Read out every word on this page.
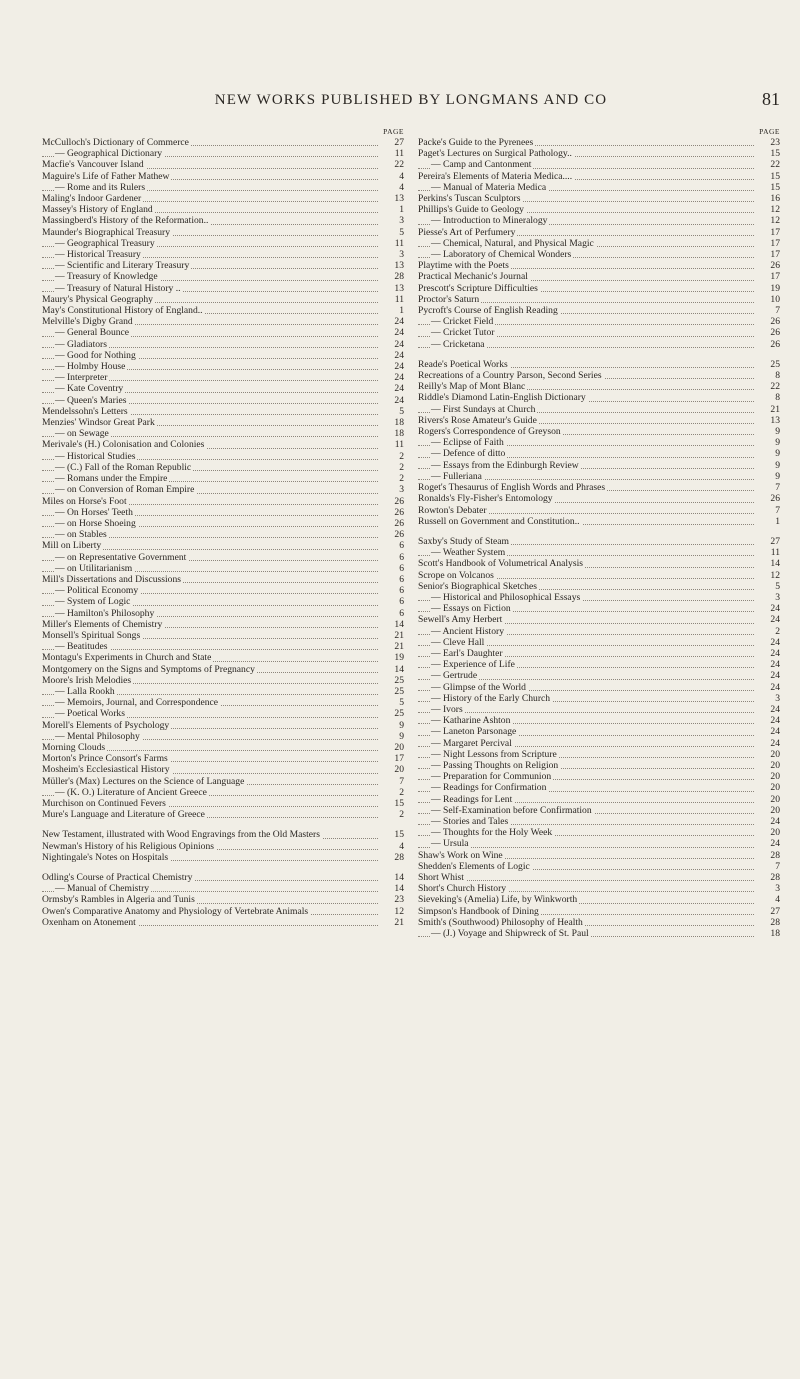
NEW WORKS PUBLISHED BY LONGMANS AND CO	81
PAGE
McCulloch's Dictionary of Commerce	27
— Geographical Dictionary	11
Macfie's Vancouver Island	22
Maguire's Life of Father Mathew	4
— Rome and its Rulers	4
Maling's Indoor Gardener	13
Massey's History of England	1
Massingberd's History of the Reformation..	3
Maunder's Biographical Treasury	5
— Geographical Treasury	11
— Historical Treasury	3
— Scientific and Literary Treasury	13
— Treasury of Knowledge	28
— Treasury of Natural History ..	13
Maury's Physical Geography	11
May's Constitutional History of England..	1
Melville's Digby Grand	24
— General Bounce	24
— Gladiators	24
— Good for Nothing	24
— Holmby House	24
— Interpreter	24
— Kate Coventry	24
— Queen's Maries	24
Mendelssohn's Letters	5
Menzies' Windsor Great Park	18
— on Sewage	18
Merivale's (H.) Colonisation and Colonies	11
— Historical Studies	2
— (C.) Fall of the Roman Republic	2
— Romans under the Empire	2
— on Conversion of Roman Empire	3
Miles on Horse's Foot	26
— On Horses' Teeth	26
— on Horse Shoeing	26
— on Stables	26
Mill on Liberty	6
— on Representative Government	6
— on Utilitarianism	6
Mill's Dissertations and Discussions	6
— Political Economy	6
— System of Logic	6
— Hamilton's Philosophy	6
Miller's Elements of Chemistry	14
Monsell's Spiritual Songs	21
— Beatitudes	21
Montagu's Experiments in Church and State	19
Montgomery on the Signs and Symptoms of Pregnancy	14
Moore's Irish Melodies	25
— Lalla Rookh	25
— Memoirs, Journal, and Correspondence	5
— Poetical Works	25
Morell's Elements of Psychology	9
— Mental Philosophy	9
Morning Clouds	20
Morton's Prince Consort's Farms	17
Mosheim's Ecclesiastical History	20
Müller's (Max) Lectures on the Science of Language	7
— (K. O.) Literature of Ancient Greece	2
Murchison on Continued Fevers	15
Mure's Language and Literature of Greece	2
New Testament, illustrated with Wood Engravings from the Old Masters	15
Newman's History of his Religious Opinions	4
Nightingale's Notes on Hospitals	28
Odling's Course of Practical Chemistry	14
— Manual of Chemistry	14
Ormsby's Rambles in Algeria and Tunis	23
Owen's Comparative Anatomy and Physiology of Vertebrate Animals	12
Oxenham on Atonement	21
PAGE
Packe's Guide to the Pyrenees	23
Paget's Lectures on Surgical Pathology..	15
— Camp and Cantonment	22
Pereira's Elements of Materia Medica....	15
— Manual of Materia Medica	15
Perkins's Tuscan Sculptors	16
Phillips's Guide to Geology	12
— Introduction to Mineralogy	12
Piesse's Art of Perfumery	17
— Chemical, Natural, and Physical Magic	17
— Laboratory of Chemical Wonders	17
Playtime with the Poets	26
Practical Mechanic's Journal	17
Prescott's Scripture Difficulties	19
Proctor's Saturn	10
Pycroft's Course of English Reading	7
— Cricket Field	26
— Cricket Tutor	26
— Cricketana	26
Reade's Poetical Works	25
Recreations of a Country Parson, Second Series	8
Reilly's Map of Mont Blanc	22
Riddle's Diamond Latin-English Dictionary	8
— First Sundays at Church	21
Rivers's Rose Amateur's Guide	13
Rogers's Correspondence of Greyson	9
— Eclipse of Faith	9
— Defence of ditto	9
— Essays from the Edinburgh Review	9
— Fulleriana	9
Roget's Thesaurus of English Words and Phrases	7
Ronalds's Fly-Fisher's Entomology	26
Rowton's Debater	7
Russell on Government and Constitution..	1
Saxby's Study of Steam	27
— Weather System	11
Scott's Handbook of Volumetrical Analysis	14
Scrope on Volcanos	12
Senior's Biographical Sketches	5
— Historical and Philosophical Essays	3
— Essays on Fiction	24
Sewell's Amy Herbert	24
— Ancient History	2
— Cleve Hall	24
— Earl's Daughter	24
— Experience of Life	24
— Gertrude	24
— Glimpse of the World	24
— History of the Early Church	3
— Ivors	24
— Katharine Ashton	24
— Laneton Parsonage	24
— Margaret Percival	24
— Night Lessons from Scripture	20
— Passing Thoughts on Religion	20
— Preparation for Communion	20
— Readings for Confirmation	20
— Readings for Lent	20
— Self-Examination before Confirmation	20
— Stories and Tales	24
— Thoughts for the Holy Week	20
— Ursula	24
Shaw's Work on Wine	28
Shedden's Elements of Logic	7
Short Whist	28
Short's Church History	3
Sieveking's (Amelia) Life, by Winkworth	4
Simpson's Handbook of Dining	27
Smith's (Southwood) Philosophy of Health	28
— (J.) Voyage and Shipwreck of St. Paul	18
